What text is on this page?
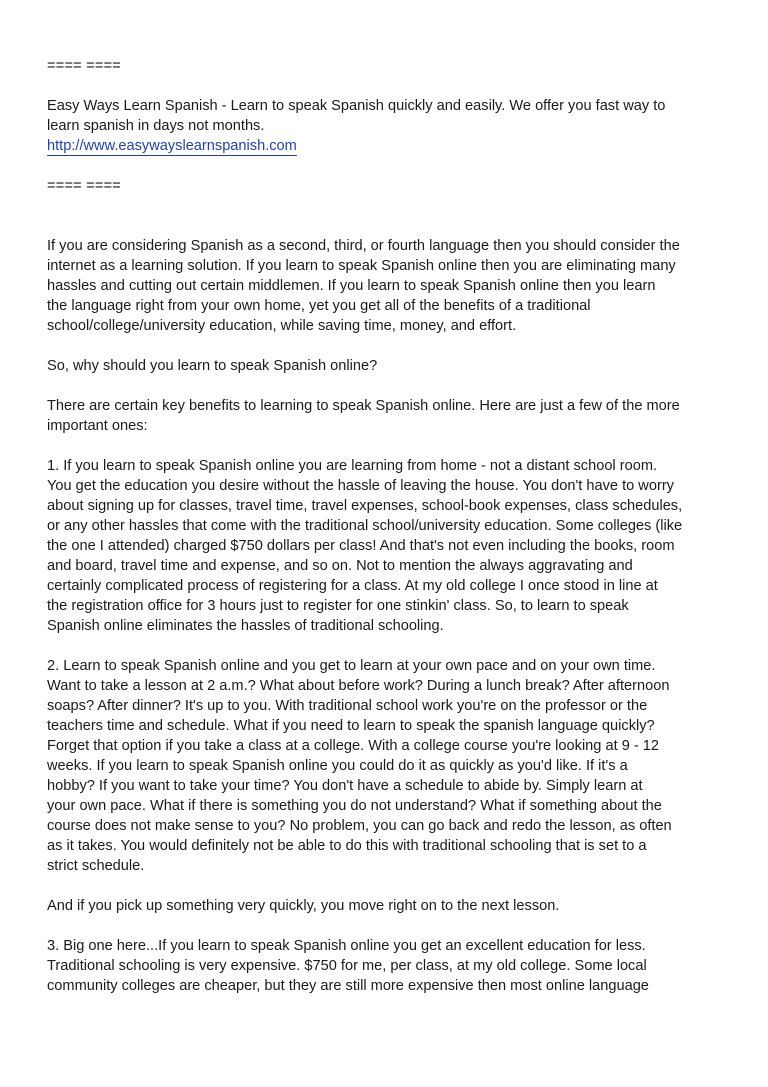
==== ====
Easy Ways Learn Spanish - Learn to speak Spanish quickly and easily. We offer you fast way to
learn spanish in days not months.
http://www.easywayslearnspanish.com
==== ====

If you are considering Spanish as a second, third, or fourth language then you should consider the
internet as a learning solution. If you learn to speak Spanish online then you are eliminating many
hassles and cutting out certain middlemen. If you learn to speak Spanish online then you learn
the language right from your own home, yet you get all of the benefits of a traditional
school/college/university education, while saving time, money, and effort.

So, why should you learn to speak Spanish online?

There are certain key benefits to learning to speak Spanish online. Here are just a few of the more
important ones:

1. If you learn to speak Spanish online you are learning from home - not a distant school room.
You get the education you desire without the hassle of leaving the house. You don't have to worry
about signing up for classes, travel time, travel expenses, school-book expenses, class schedules,
or any other hassles that come with the traditional school/university education. Some colleges (like
the one I attended) charged $750 dollars per class! And that's not even including the books, room
and board, travel time and expense, and so on. Not to mention the always aggravating and
certainly complicated process of registering for a class. At my old college I once stood in line at
the registration office for 3 hours just to register for one stinkin' class. So, to learn to speak
Spanish online eliminates the hassles of traditional schooling.

2. Learn to speak Spanish online and you get to learn at your own pace and on your own time.
Want to take a lesson at 2 a.m.? What about before work? During a lunch break? After afternoon
soaps? After dinner? It's up to you. With traditional school work you're on the professor or the
teachers time and schedule. What if you need to learn to speak the spanish language quickly?
Forget that option if you take a class at a college. With a college course you're looking at 9 - 12
weeks. If you learn to speak Spanish online you could do it as quickly as you'd like. If it's a
hobby? If you want to take your time? You don't have a schedule to abide by. Simply learn at
your own pace. What if there is something you do not understand? What if something about the
course does not make sense to you? No problem, you can go back and redo the lesson, as often
as it takes. You would definitely not be able to do this with traditional schooling that is set to a
strict schedule.

And if you pick up something very quickly, you move right on to the next lesson.

3. Big one here...If you learn to speak Spanish online you get an excellent education for less.
Traditional schooling is very expensive. $750 for me, per class, at my old college. Some local
community colleges are cheaper, but they are still more expensive then most online language
